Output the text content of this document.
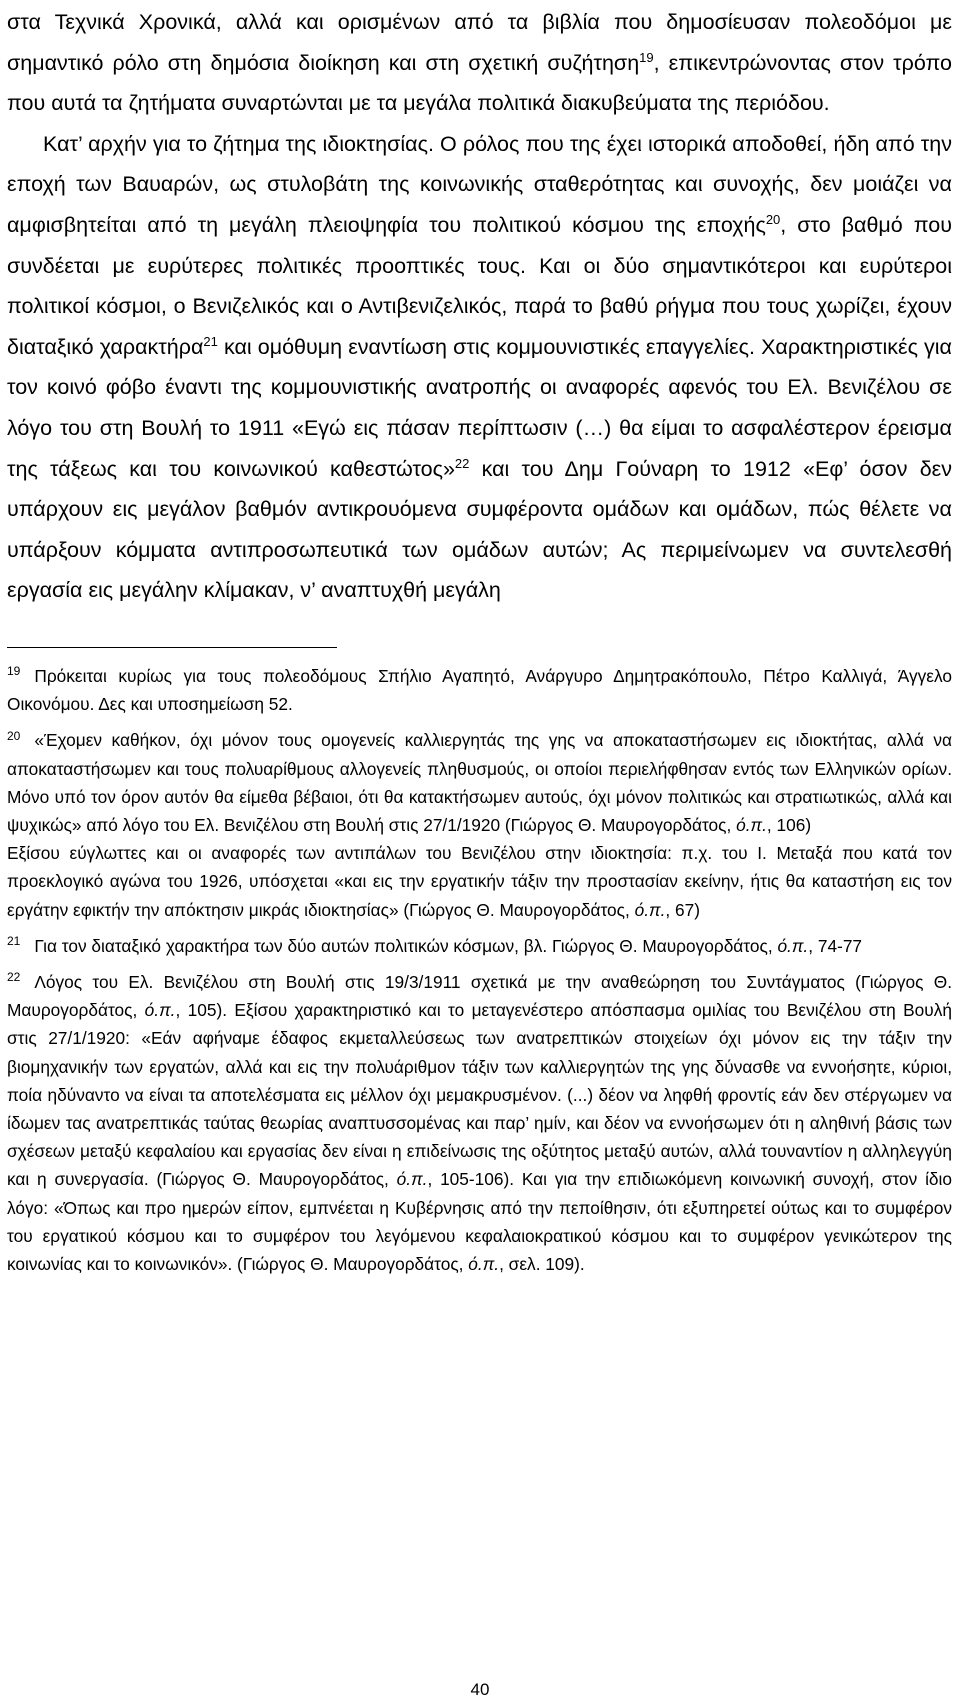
στα Τεχνικά Χρονικά, αλλά και ορισμένων από τα βιβλία που δημοσίευσαν πολεοδόμοι με σημαντικό ρόλο στη δημόσια διοίκηση και στη σχετική συζήτηση$^{19}$, επικεντρώνοντας στον τρόπο που αυτά τα ζητήματα συναρτώνται με τα μεγάλα πολιτικά διακυβεύματα της περιόδου.

Κατ’ αρχήν για το ζήτημα της ιδιοκτησίας. Ο ρόλος που της έχει ιστορικά αποδοθεί, ήδη από την εποχή των Βαυαρών, ως στυλοβάτη της κοινωνικής σταθερότητας και συνοχής, δεν μοιάζει να αμφισβητείται από τη μεγάλη πλειοψηφία του πολιτικού κόσμου της εποχής$^{20}$, στο βαθμό που συνδέεται με ευρύτερες πολιτικές προοπτικές τους. Και οι δύο σημαντικότεροι και ευρύτεροι πολιτικοί κόσμοι, ο Βενιζελικός και ο Αντιβενιζελικός, παρά το βαθύ ρήγμα που τους χωρίζει, έχουν διαταξικό χαρακτήρα$^{21}$ και ομόθυμη εναντίωση στις κομμουνιστικές επαγγελίες. Χαρακτηριστικές για τον κοινό φόβο έναντι της κομμουνιστικής ανατροπής οι αναφορές αφενός του Ελ. Βενιζέλου σε λόγο του στη Βουλή το 1911 «Εγώ εις πάσαν περίπτωσιν (…) θα είμαι το ασφαλέστερον έρεισμα της τάξεως και του κοινωνικού καθεστώτος»$^{22}$ και του Δημ Γούναρη το 1912 «Εφ’ όσον δεν υπάρχουν εις μεγάλον βαθμόν αντικρουόμενα συμφέροντα ομάδων και ομάδων, πώς θέλετε να υπάρξουν κόμματα αντιπροσωπευτικά των ομάδων αυτών; Ας περιμείνωμεν να συντελεσθή εργασία εις μεγάλην κλίμακαν, ν’ αναπτυχθή μεγάλη

$^{19}$ Πρόκειται κυρίως για τους πολεοδόμους Σπήλιο Αγαπητό, Ανάργυρο Δημητρακόπουλο, Πέτρο Καλλιγά, Άγγελο Οικονόμου. Δες και υποσημείωση 52.

$^{20}$ «Έχομεν καθήκον, όχι μόνον τους ομογενείς καλλιεργητάς της γης να αποκαταστήσωμεν εις ιδιοκτήτας, αλλά να αποκαταστήσωμεν και τους πολυαρίθμους αλλογενείς πληθυσμούς, οι οποίοι περιελήφθησαν εντός των Ελληνικών ορίων. Μόνο υπό τον όρον αυτόν θα είμεθα βέβαιοι, ότι θα κατακτήσωμεν αυτούς, όχι μόνον πολιτικώς και στρατιωτικώς, αλλά και ψυχικώς» από λόγο του Ελ. Βενιζέλου στη Βουλή στις 27/1/1920 (Γιώργος Θ. Μαυρογορδάτος, ό.π., 106)

Εξίσου εύγλωττες και οι αναφορές των αντιπάλων του Βενιζέλου στην ιδιοκτησία: π.χ. του Ι. Μεταξά που κατά τον προεκλογικό αγώνα του 1926, υπόσχεται «και εις την εργατικήν τάξιν την προστασίαν εκείνην, ήτις θα καταστήση εις τον εργάτην εφικτήν την απόκτησιν μικράς ιδιοκτησίας» (Γιώργος Θ. Μαυρογορδάτος, ό.π., 67)

$^{21}$ Για τον διαταξικό χαρακτήρα των δύο αυτών πολιτικών κόσμων, βλ. Γιώργος Θ. Μαυρογορδάτος, ό.π., 74-77
$^{22}$ Λόγος του Ελ. Βενιζέλου στη Βουλή στις 19/3/1911 σχετικά με την αναθεώρηση του Συντάγματος (Γιώργος Θ. Μαυρογορδάτος, ό.π., 105). Εξίσου χαρακτηριστικό και το μεταγενέστερο απόσπασμα ομιλίας του Βενιζέλου στη Βουλή στις 27/1/1920: «Εάν αφήναμε έδαφος εκμεταλλεύσεως των ανατρεπτικών στοιχείων όχι μόνον εις την τάξιν την βιομηχανικήν των εργατών, αλλά και εις την πολυάριθμον τάξιν των καλλιεργητών της γης δύνασθε να εννοήσητε, κύριοι, ποία ηδύναντο να είναι τα αποτελέσματα εις μέλλον όχι μεμακρυσμένον. (...) δέον να ληφθή φροντίς εάν δεν στέργωμεν να ίδωμεν τας ανατρεπτικάς ταύτας θεωρίας αναπτυσσομένας και παρ’ ημίν, και δέον να εννοήσωμεν ότι η αληθινή βάσις των σχέσεων μεταξύ κεφαλαίου και εργασίας δεν είναι η επιδείνωσις της οξύτητος μεταξύ αυτών, αλλά τουναντίον η αλληλεγγύη και η συνεργασία. (Γιώργος Θ. Μαυρογορδάτος, ό.π., 105-106). Και για την επιδιωκόμενη κοινωνική συνοχή, στον ίδιο λόγο: «Όπως και προ ημερών είπον, εμπνέεται η Κυβέρνησις από την πεποίθησιν, ότι εξυπηρετεί ούτως και το συμφέρον του εργατικού κόσμου και το συμφέρον του λεγόμενου κεφαλαιοκρατικού κόσμου και το συμφέρον γενικώτερον της κοινωνίας και το κοινωνικόν». (Γιώργος Θ. Μαυρογορδάτος, ό.π., σελ. 109).
40
